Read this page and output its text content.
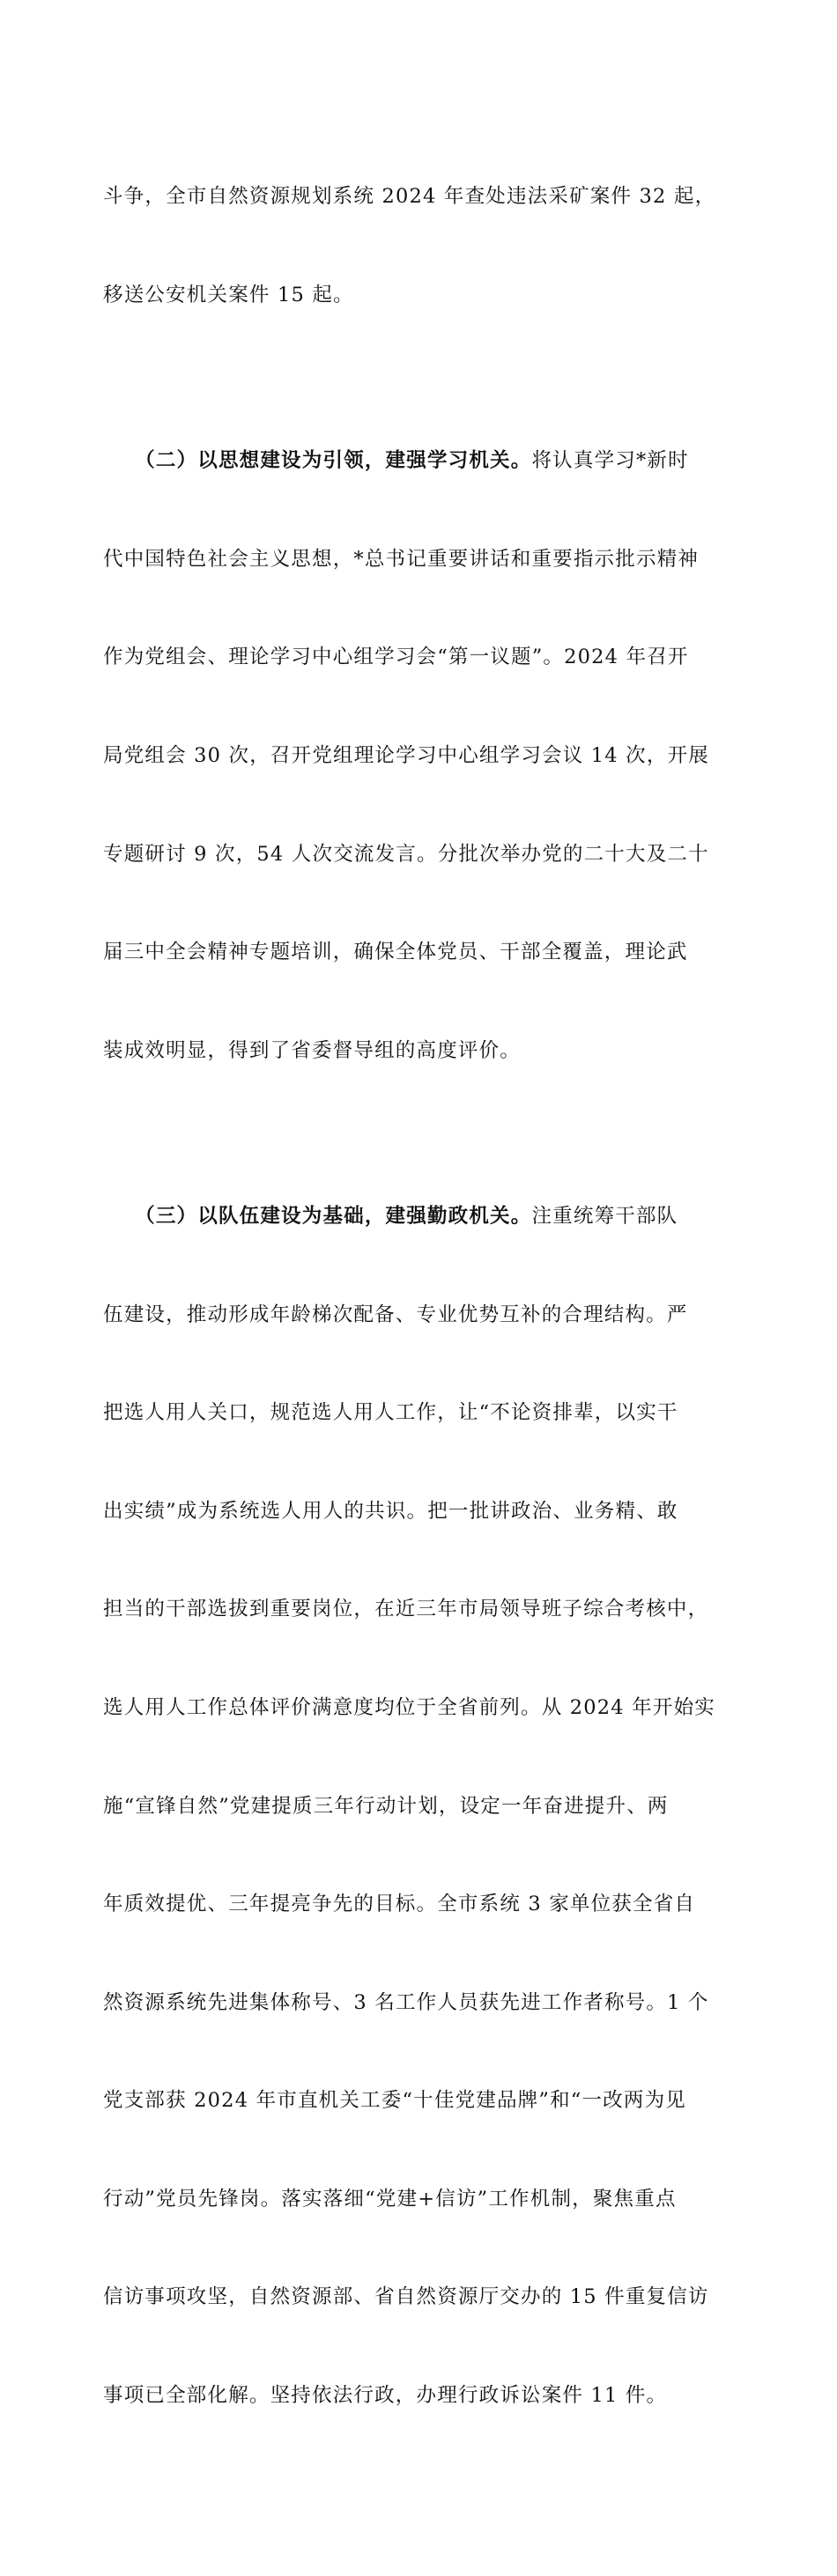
斗争，全市自然资源规划系统 2024 年查处违法采矿案件 32 起，

移送公安机关案件 15 起。

　　（二）以思想建设为引领，建强学习机关。将认真学习*新时

代中国特色社会主义思想，*总书记重要讲话和重要指示批示精神

作为党组会、理论学习中心组学习会“第一议题”。2024 年召开

局党组会 30 次，召开党组理论学习中心组学习会议 14 次，开展

专题研讨 9 次，54 人次交流发言。分批次举办党的二十大及二十

届三中全会精神专题培训，确保全体党员、干部全覆盖，理论武

装成效明显，得到了省委督导组的高度评价。

　　（三）以队伍建设为基础，建强勤政机关。注重统筹干部队

伍建设，推动形成年龄梯次配备、专业优势互补的合理结构。严

把选人用人关口，规范选人用人工作，让“不论资排辈，以实干

出实绩”成为系统选人用人的共识。把一批讲政治、业务精、敢

担当的干部选拔到重要岗位，在近三年市局领导班子综合考核中，

选人用人工作总体评价满意度均位于全省前列。从 2024 年开始实

施“宣锋自然”党建提质三年行动计划，设定一年奋进提升、两

年质效提优、三年提亮争先的目标。全市系统 3 家单位获全省自

然资源系统先进集体称号、3 名工作人员获先进工作者称号。1 个

党支部获 2024 年市直机关工委“十佳党建品牌”和“一改两为见

行动”党员先锋岗。落实落细“党建+信访”工作机制，聚焦重点

信访事项攻坚，自然资源部、省自然资源厅交办的 15 件重复信访

事项已全部化解。坚持依法行政，办理行政诉讼案件 11 件。
